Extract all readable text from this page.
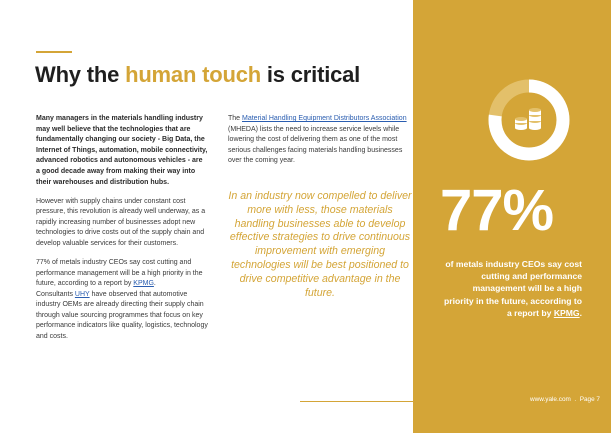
Why the human touch is critical

Many managers in the materials handling industry may well believe that the technologies that are fundamentally changing our society - Big Data, the Internet of Things, automation, mobile connectivity, advanced robotics and autonomous vehicles - are a good decade away from making their way into their warehouses and distribution hubs.

However with supply chains under constant cost pressure, this revolution is already well underway, as a rapidly increasing number of businesses adopt new technologies to drive costs out of the supply chain and develop valuable services for their customers.

77% of metals industry CEOs say cost cutting and performance management will be a high priority in the future, according to a report by KPMG.
Consultants UHY have observed that automotive industry OEMs are already directing their supply chain through value sourcing programmes that focus on key performance indicators like quality, logistics, technology and costs.

The Material Handling Equipment Distributors Association (MHEDA) lists the need to increase service levels while lowering the cost of delivering them as one of the most serious challenges facing materials handling businesses over the coming year.

In an industry now compelled to deliver more with less, those materials handling businesses able to develop effective strategies to drive continuous improvement with emerging technologies will be best positioned to drive competitive advantage in the future.
77%
of metals industry CEOs say cost cutting and performance management will be a high priority in the future, according to a report by KPMG.
www.yale.com . Page 7
